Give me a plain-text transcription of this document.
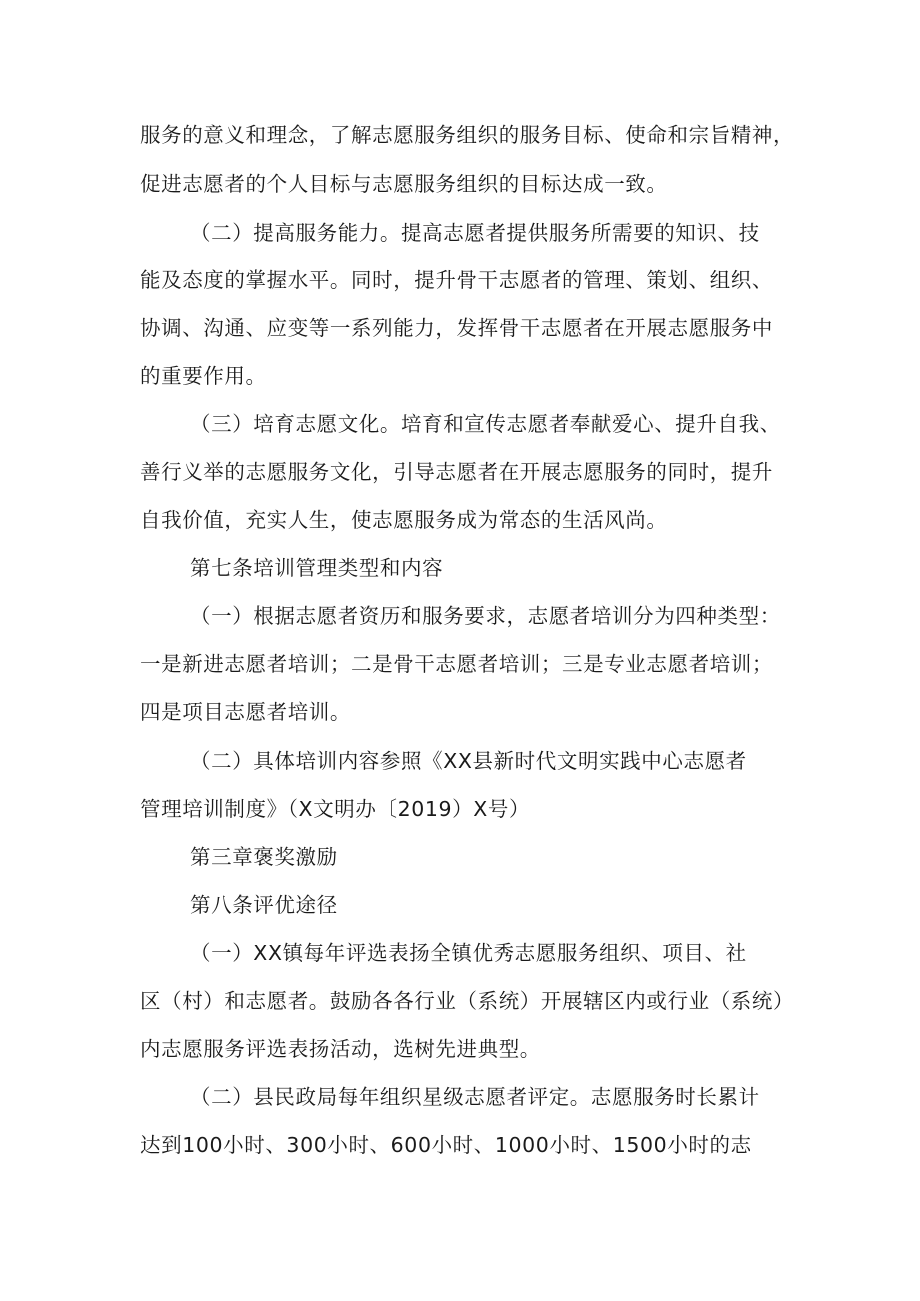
服务的意义和理念，了解志愿服务组织的服务目标、使命和宗旨精神，
促进志愿者的个人目标与志愿服务组织的目标达成一致。
（二）提高服务能力。提高志愿者提供服务所需要的知识、技
能及态度的掌握水平。同时，提升骨干志愿者的管理、策划、组织、
协调、沟通、应变等一系列能力，发挥骨干志愿者在开展志愿服务中
的重要作用。
（三）培育志愿文化。培育和宣传志愿者奉献爱心、提升自我、
善行义举的志愿服务文化，引导志愿者在开展志愿服务的同时，提升
自我价值，充实人生，使志愿服务成为常态的生活风尚。
第七条培训管理类型和内容
（一）根据志愿者资历和服务要求，志愿者培训分为四种类型：
一是新进志愿者培训；二是骨干志愿者培训；三是专业志愿者培训；
四是项目志愿者培训。
（二）具体培训内容参照《XX县新时代文明实践中心志愿者
管理培训制度》（X文明办〔2019）X号）
第三章褒奖激励
第八条评优途径
（一）XX镇每年评选表扬全镇优秀志愿服务组织、项目、社
区（村）和志愿者。鼓励各各行业（系统）开展辖区内或行业（系统）
内志愿服务评选表扬活动，选树先进典型。
（二）县民政局每年组织星级志愿者评定。志愿服务时长累计
达到100小时、300小时、600小时、1000小时、1500小时的志
